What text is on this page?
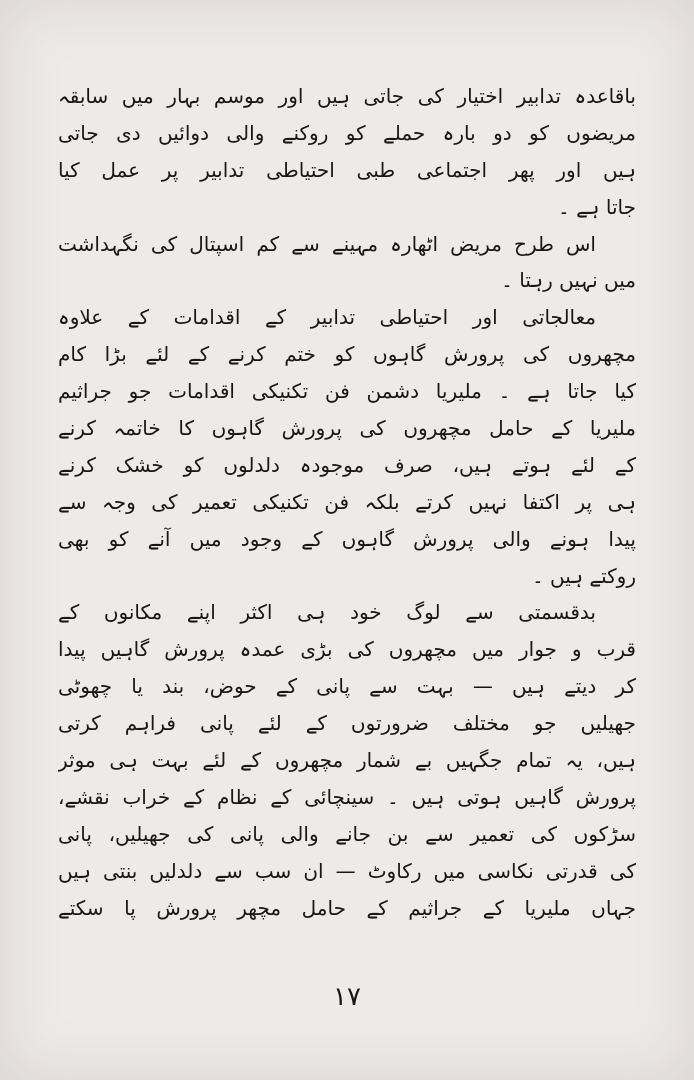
باقاعدہ تدابیر اختیار کی جاتی ہیں اور موسم بہار میں سابقہ
مریضوں کو دو بارہ حملے کو روکنے والی دوائیں دی جاتی
ہیں اور پھر اجتماعی طبی احتیاطی تدابیر پر عمل کیا
جاتا ہے ۔
اس طرح مریض اٹھارہ مہینے سے کم اسپتال کی نگہداشت
میں نہیں رہتا ۔
معالجاتی اور احتیاطی تدابیر کے اقدامات کے علاوہ
مچھروں کی پرورش گاہوں کو ختم کرنے کے لئے بڑا کام
کیا جاتا ہے ۔ ملیریا دشمن فن تکنیکی اقدامات جو جراثیم
ملیریا کے حامل مچھروں کی پرورش گاہوں کا خاتمہ کرنے
کے لئے ہوتے ہیں، صرف موجودہ دلدلوں کو خشک کرنے
ہی پر اکتفا نہیں کرتے بلکہ فن تکنیکی تعمیر کی وجہ سے
پیدا ہونے والی پرورش گاہوں کے وجود میں آنے کو بھی
روکتے ہیں ۔
بدقسمتی سے لوگ خود ہی اکثر اپنے مکانوں کے
قرب و جوار میں مچھروں کی بڑی عمدہ پرورش گاہیں پیدا
کر دیتے ہیں — بہت سے پانی کے حوض، بند یا چھوٹی
جھیلیں جو مختلف ضرورتوں کے لئے پانی فراہم کرتی
ہیں، یہ تمام جگہیں بے شمار مچھروں کے لئے بہت ہی موثر
پرورش گاہیں ہوتی ہیں ۔ سینچائی کے نظام کے خراب نقشے،
سڑکوں کی تعمیر سے بن جانے والی پانی کی جھیلیں، پانی
کی قدرتی نکاسی میں رکاوٹ — ان سب سے دلدلیں بنتی ہیں
جہاں ملیریا کے جراثیم کے حامل مچھر پرورش پا سکتے
۱۷
